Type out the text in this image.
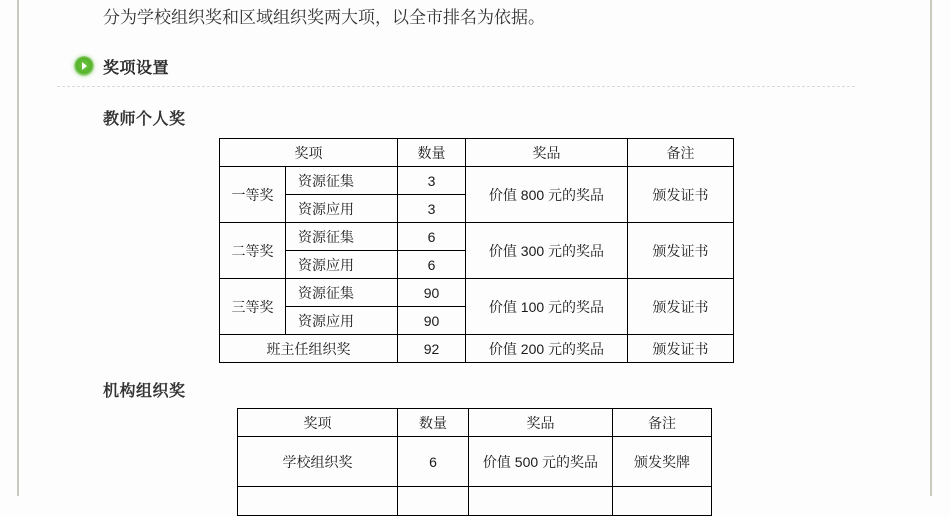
分为学校组织奖和区域组织奖两大项，以全市排名为依据。
奖项设置
教师个人奖
奖项		数量	奖品	备注
一等奖	资源征集	3	价值 800 元的奖品	颁发证书
	资源应用	3		
二等奖	资源征集	6	价值 300 元的奖品	颁发证书
	资源应用	6		
三等奖	资源征集	90	价值 100 元的奖品	颁发证书
	资源应用	90		
班主任组织奖		92	价值 200 元的奖品	颁发证书
机构组织奖
奖项	数量	奖品	备注
学校组织奖	6	价值 500 元的奖品	颁发奖牌
